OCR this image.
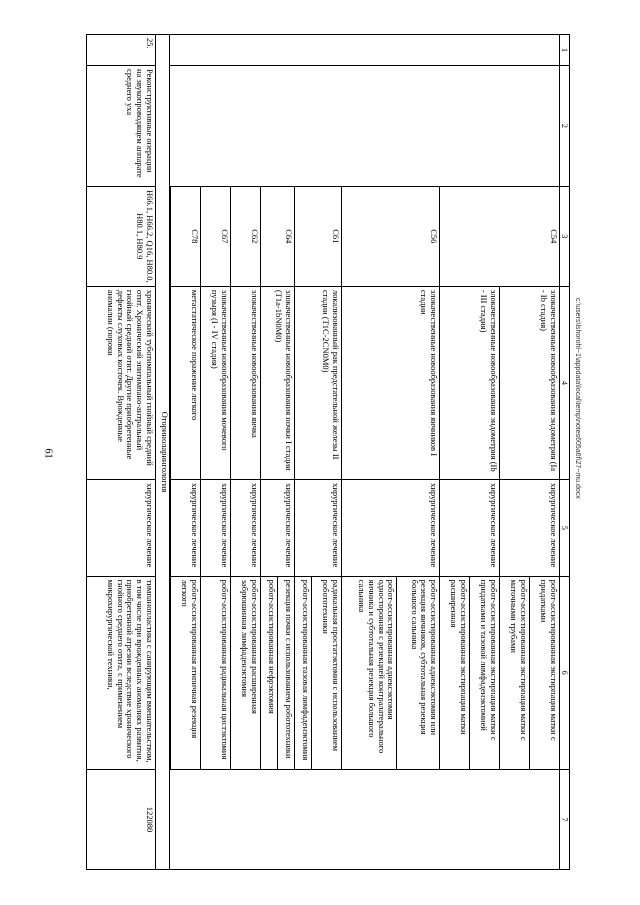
61
1	2	3	4	5	6	7
		C54	злокачественные новообразования эндометрия (Ia - Ib стадия)	хирургическое лечение	робот-ассистированная экстирпация матки с придатками	
					робот-ассистированная экстирпация матки с маточными трубами	
			злокачественные новообразования эндометрия (Ib - III стадия)	хирургическое лечение	робот-ассистированная экстирпация матки с придатками и тазовой лимфаденэктомией	
					робот-ассистированная экстирпация матки расширенная	
		C56	злокачественные новообразования яичников I стадии	хирургическое лечение	робот-ассистированная аднексэктомия или резекция яичников, субтотальная резекция большого сальника	
					робот-ассистированная аднексэктомия односторонняя с резекцией контралатерального яичника и субтотальная резекция большого сальника	
		C61	локализованный рак предстательной железы II стадии (T1C-2CN0M0)	хирургическое лечение	радикальная простатэктомия с использованием робототехники	
					робот-ассистированная тазовая лимфаденэктомия	
		C64	злокачественные новообразования почки I стадии (T1a-1bN0M0)	хирургическое лечение	резекция почки с использованием робототехники	
					робот-ассистированная нефрэктомия	
		C62	злокачественные новообразования яичка	хирургическое лечение	робот-ассистированная расширенная забрюшинная лимфаденэктомия	
		C67	злокачественные новообразования мочевого пузыря (I - IV стадия)	хирургическое лечение	робот-ассистированная радикальная цистэктомия	
		C78	метастатическое поражение легкого	хирургическое лечение	робот-ассистированная атипичная резекция легкого	

Оториноларингология						
25.	Реконструктивные операции на звукопроводящем аппарате среднего уха	H66.1, H66.2, Q16, H80.0, H80.1, H80.9	хронический туботимпальный гнойный средний отит. Хронический эпитимпано-антральный гнойный средний отит. Другие приобретенные дефекты слуховых косточек. Врожденные аномалии (пороки	хирургическое лечение	тимпанопластика с санирующим вмешательством, в том числе при врожденных аномалиях развития, приобретенной атрезии вследствие хронического гнойного среднего отита, с применением микрохирургической техники,	122080
c:\users\lshorohl~1\appdata\local\temp\notes605a6f\27~mu.docx
